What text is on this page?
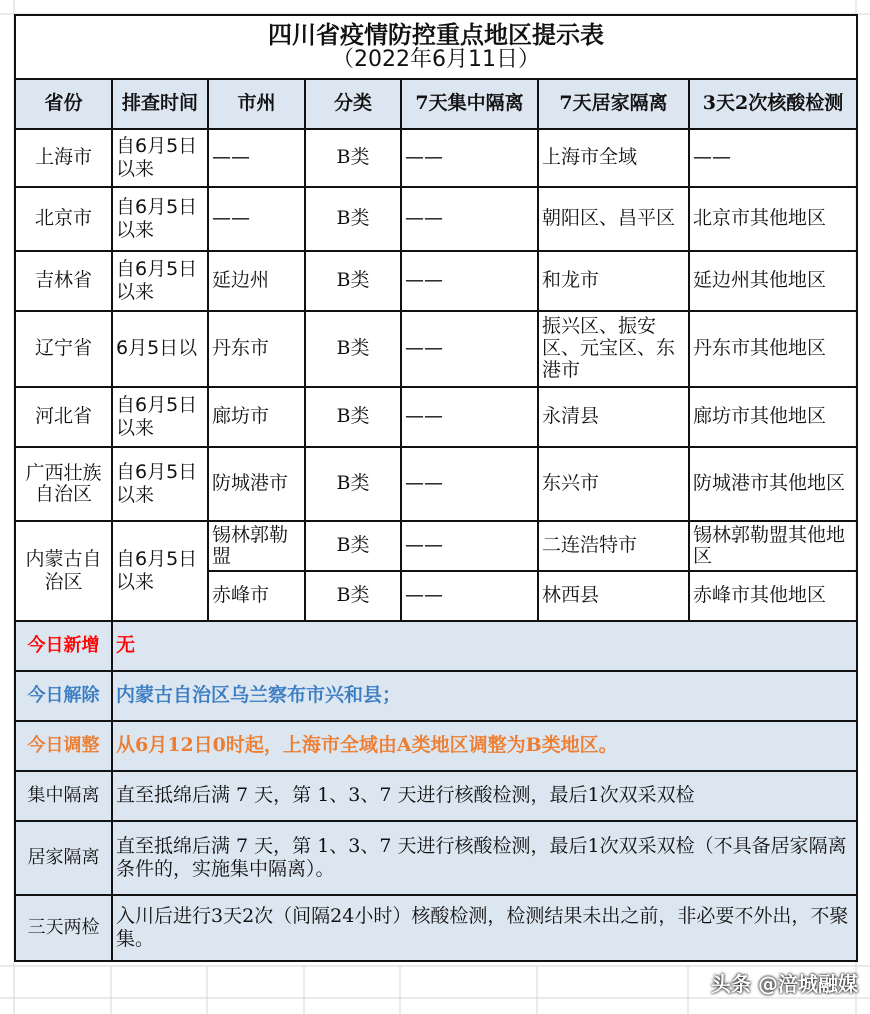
四川省疫情防控重点地区提示表
（2022年6月11日）						

省份	排查时间	市州	分类	7天集中隔离	7天居家隔离	3天2次核酸检测
上海市	自6月5日以来	——	B类	——	上海市全域	——
北京市	自6月5日以来	——	B类	——	朝阳区、昌平区	北京市其他地区
吉林省	自6月5日以来	延边州	B类	——	和龙市	延边州其他地区
辽宁省	6月5日以	丹东市	B类	——	振兴区、振安区、元宝区、东港市	丹东市其他地区
河北省	自6月5日以来	廊坊市	B类	——	永清县	廊坊市其他地区
广西壮族自治区	自6月5日以来	防城港市	B类	——	东兴市	防城港市其他地区
内蒙古自治区	自6月5日以来	锡林郭勒盟	B类	——	二连浩特市	锡林郭勒盟其他地区
		赤峰市	B类	——	林西县	赤峰市其他地区
今日新增	无					
今日解除	内蒙古自治区乌兰察布市兴和县；					
今日调整	从6月12日0时起，上海市全域由A类地区调整为B类地区。					
集中隔离	直至抵绵后满 7 天，第 1、3、7 天进行核酸检测，最后1次双采双检					
居家隔离	直至抵绵后满 7 天，第 1、3、7 天进行核酸检测，最后1次双采双检（不具备居家隔离条件的，实施集中隔离）。					
三天两检	入川后进行3天2次（间隔24小时）核酸检测，检测结果未出之前，非必要不外出，不聚集。					
头条 @涪城融媒
